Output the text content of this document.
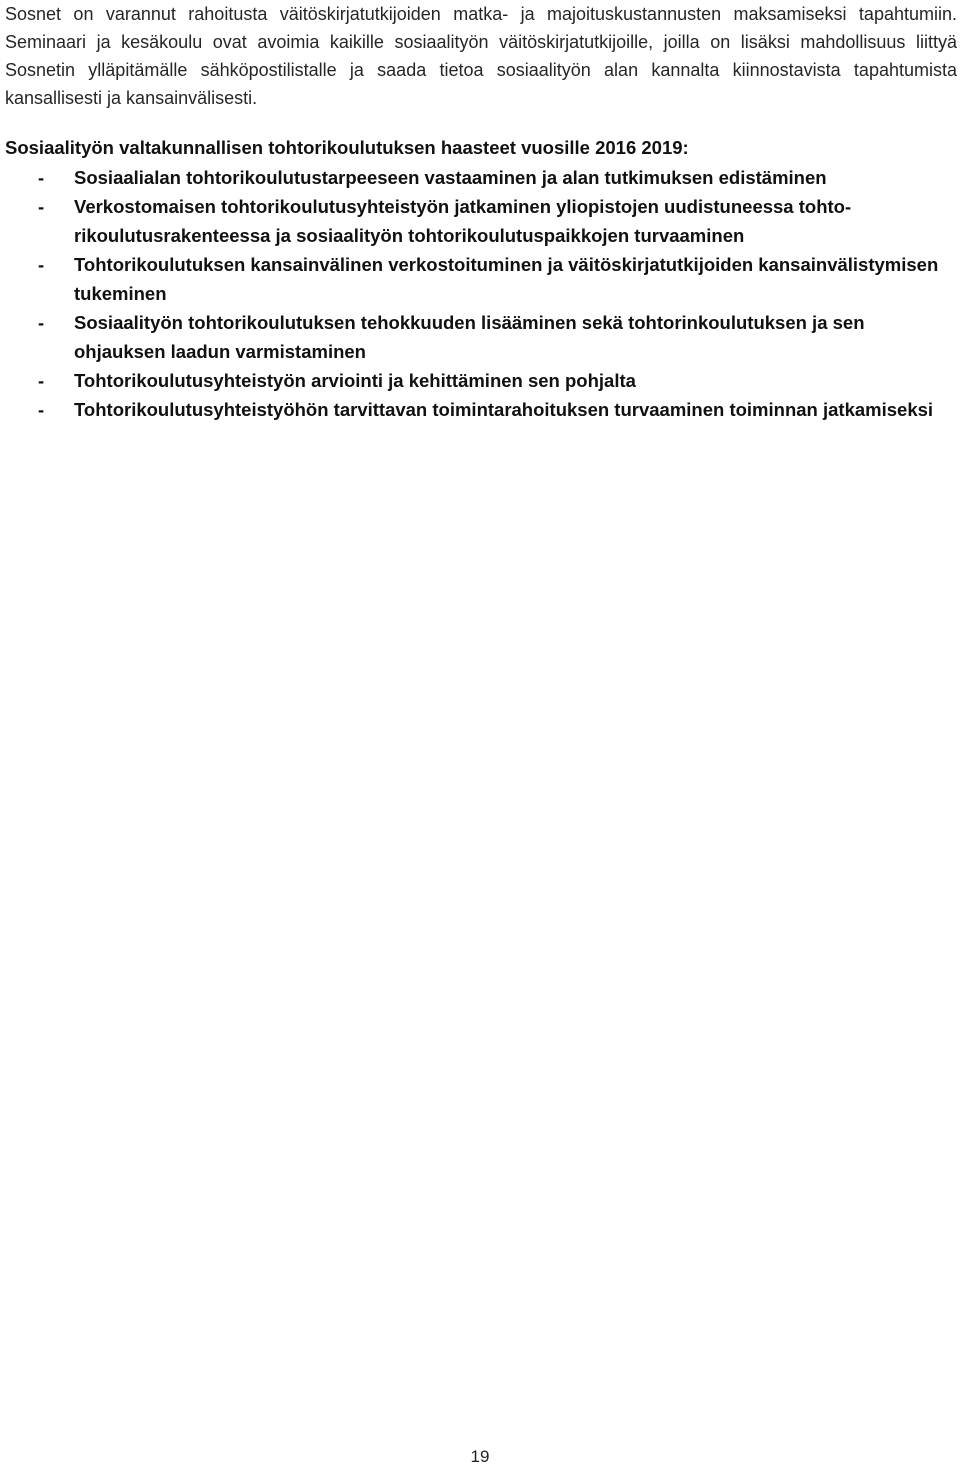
Sosnet on varannut rahoitusta väitöskirjatutkijoiden matka- ja majoituskustannusten maksamiseksi tapahtumiin. Seminaari ja kesäkoulu ovat avoimia kaikille sosiaalityön väitöskirjatutkijoille, joilla on lisäksi mahdollisuus liittyä Sosnetin ylläpitämälle sähköpostilistalle ja saada tietoa sosiaalityön alan kannalta kiinnostavista tapahtumista kansallisesti ja kansainvälisesti.

Sosiaalityön valtakunnallisen tohtorikoulutuksen haasteet vuosille 2016 2019:
-	Sosiaalialan tohtorikoulutustarpeeseen vastaaminen ja alan tutkimuksen edistäminen
-	Verkostomaisen tohtorikoulutusyhteistyön jatkaminen yliopistojen uudistuneessa tohtorikoulutusrakenteessa ja sosiaalityön tohtorikoulutuspaikkojen turvaaminen
-	Tohtorikoulutuksen kansainvälinen verkostoituminen ja väitöskirjatutkijoiden kansainvälistymisen tukeminen
-	Sosiaalityön tohtorikoulutuksen tehokkuuden lisääminen sekä tohtorinkoulutuksen ja sen ohjauksen laadun varmistaminen
-	Tohtorikoulutusyhteistyön arviointi ja kehittäminen sen pohjalta
-	Tohtorikoulutusyhteistyöhön tarvittavan toimintarahoituksen turvaaminen toiminnan jatkamiseksi
19
